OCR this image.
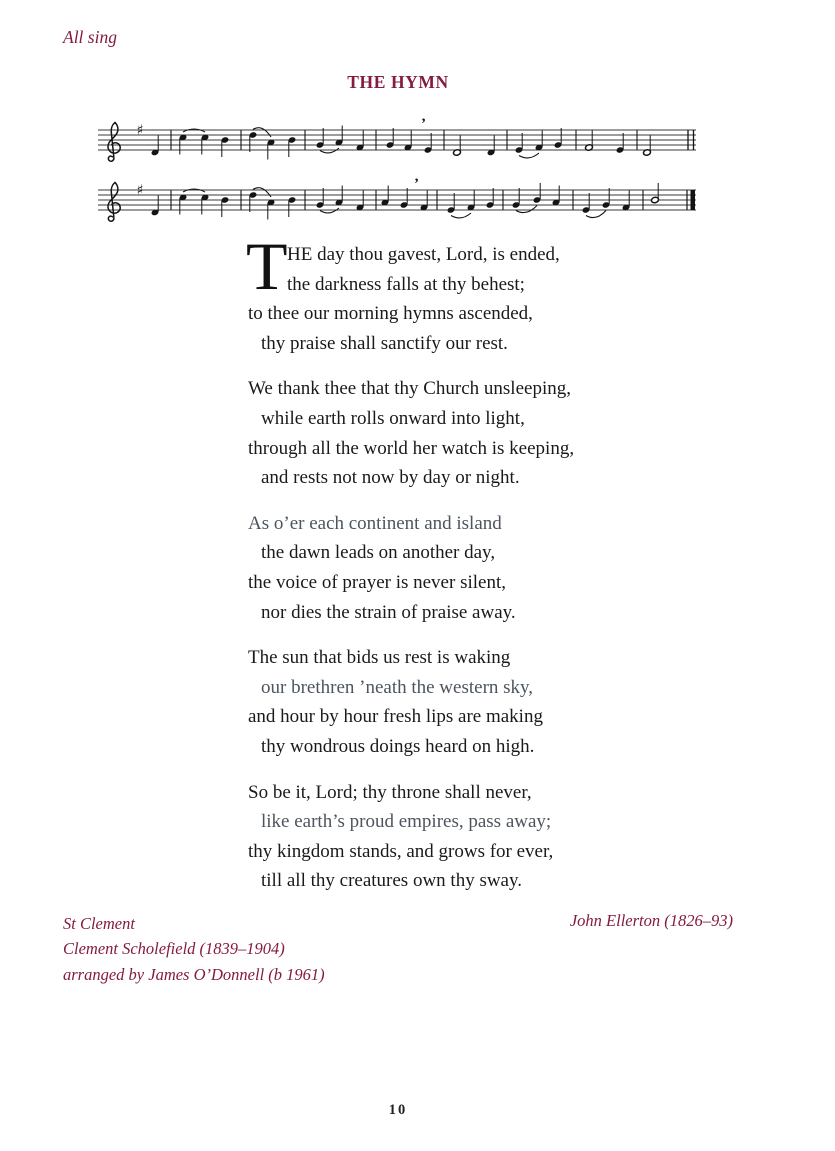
All sing
THE HYMN
♯	’
♯	’
T HE day thou gavest, Lord, is ended,
the darkness falls at thy behest;
to thee our morning hymns ascended,
thy praise shall sanctify our rest.
We thank thee that thy Church unsleeping,
while earth rolls onward into light,
through all the world her watch is keeping,
and rests not now by day or night.
As o’er each continent and island
the dawn leads on another day,
the voice of prayer is never silent,
nor dies the strain of praise away.
The sun that bids us rest is waking
our brethren ’neath the western sky,
and hour by hour fresh lips are making
thy wondrous doings heard on high.
So be it, Lord; thy throne shall never,
like earth’s proud empires, pass away;
thy kingdom stands, and grows for ever,
till all thy creatures own thy sway.
St Clement
Clement Scholefield (1839–1904)
arranged by James O’Donnell (b 1961)
John Ellerton (1826–93)
10
